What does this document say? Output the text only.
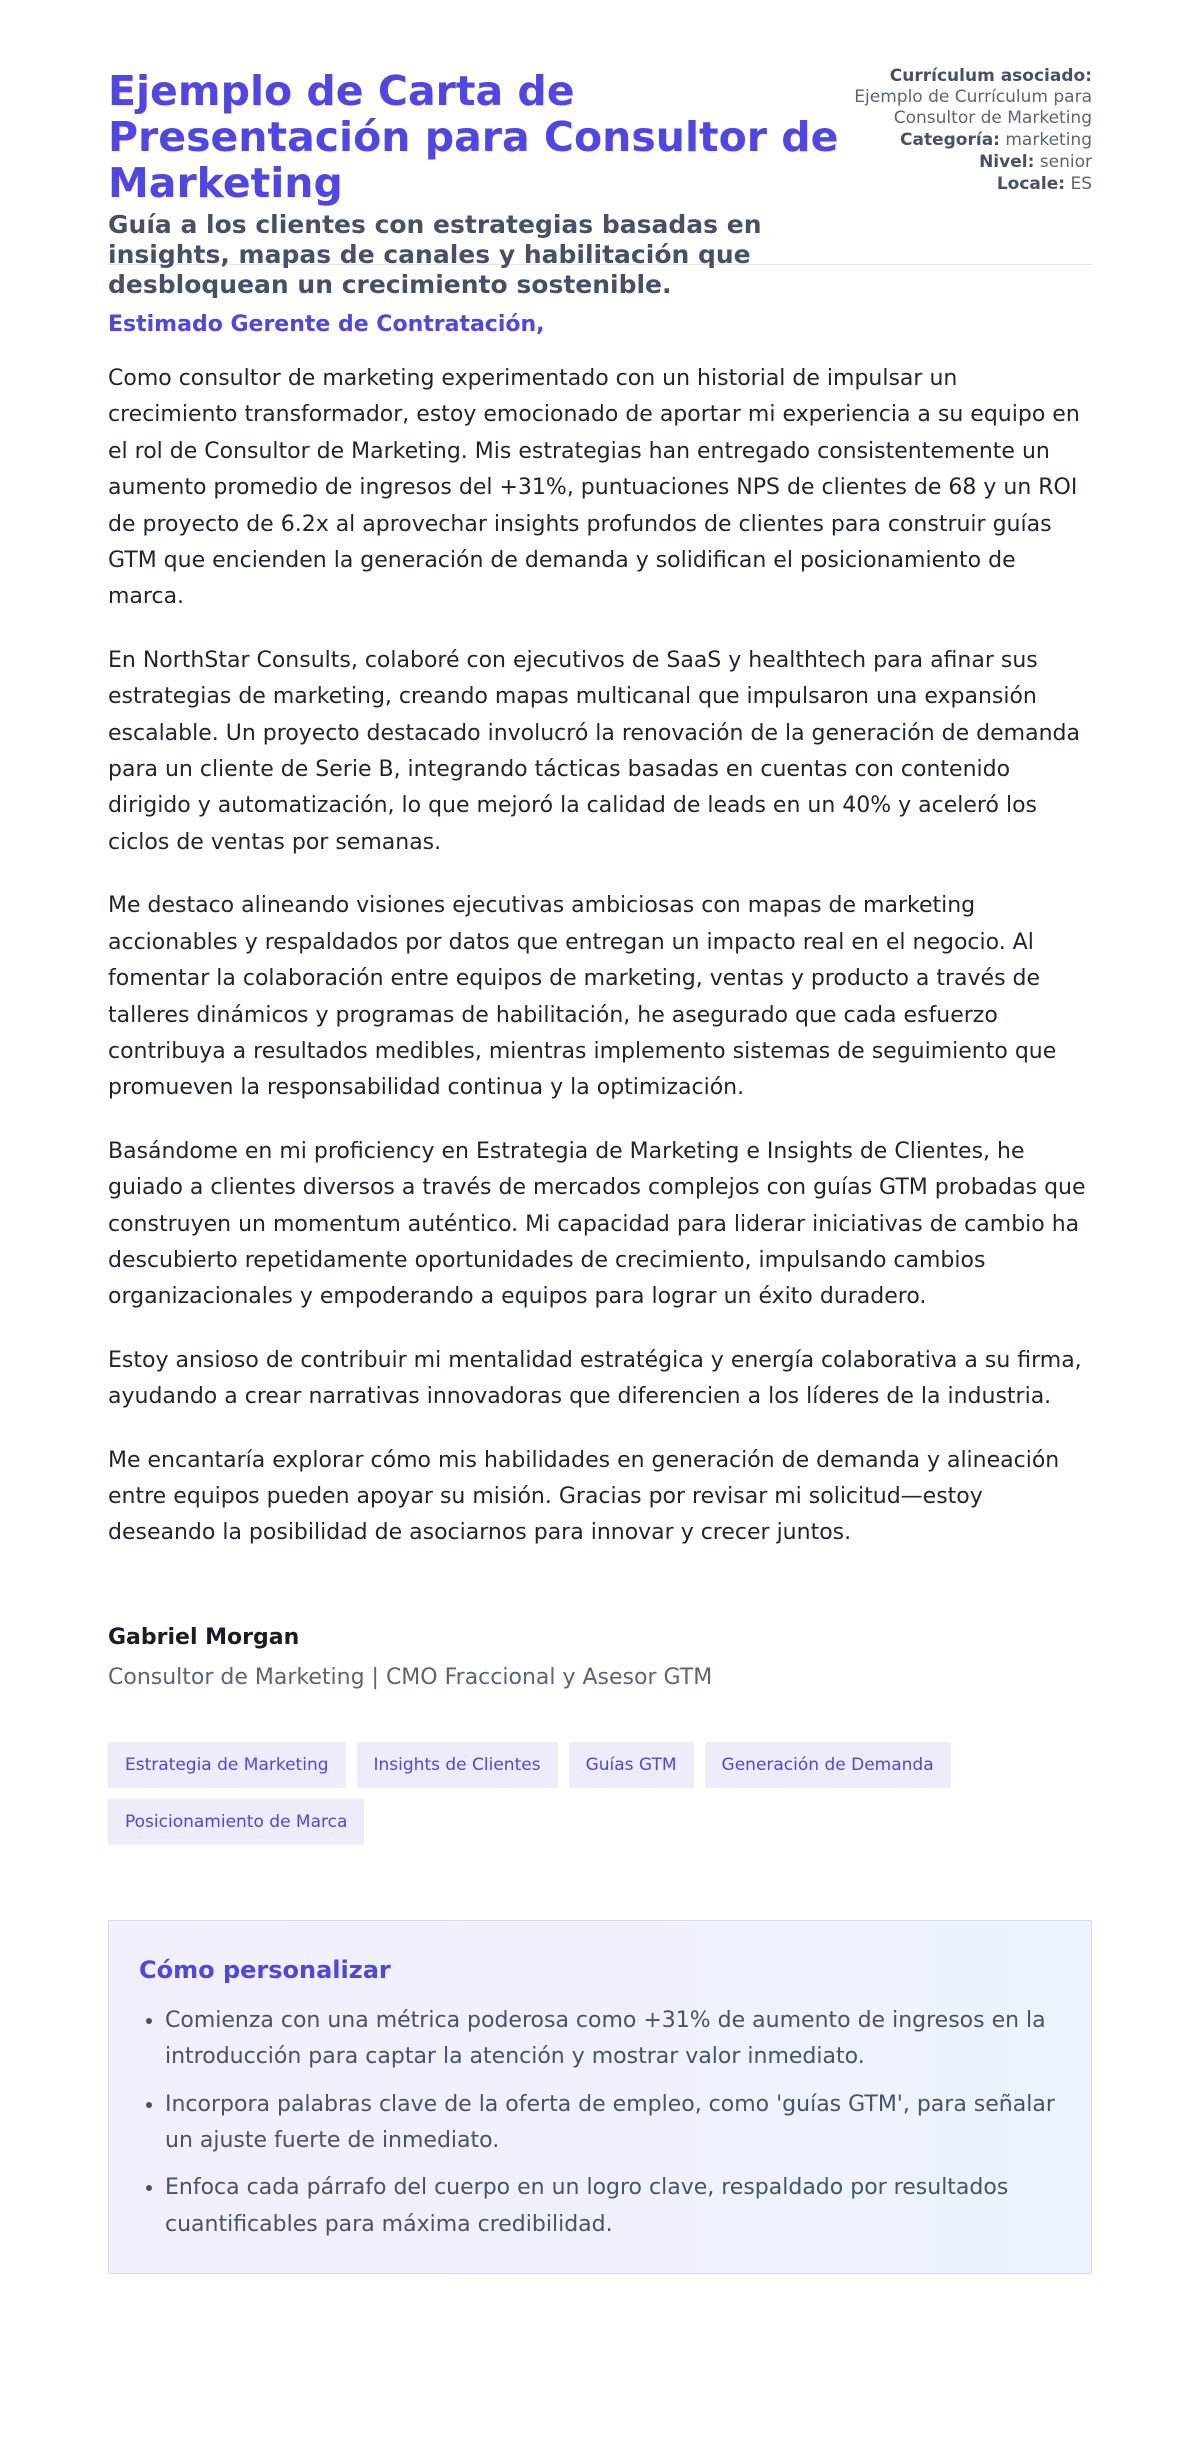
Ejemplo de Carta de Presentación para Consultor de Marketing

Guía a los clientes con estrategias basadas en insights, mapas de canales y habilitación que desbloquean un crecimiento sostenible.

Currículum asociado:
Ejemplo de Currículum para Consultor de Marketing

Categoría: marketing

Nivel: senior

Locale: ES

Estimado Gerente de Contratación,

Como consultor de marketing experimentado con un historial de impulsar un crecimiento transformador, estoy emocionado de aportar mi experiencia a su equipo en el rol de Consultor de Marketing. Mis estrategias han entregado consistentemente un aumento promedio de ingresos del +31%, puntuaciones NPS de clientes de 68 y un ROI de proyecto de 6.2x al aprovechar insights profundos de clientes para construir guías GTM que encienden la generación de demanda y solidifican el posicionamiento de marca.

En NorthStar Consults, colaboré con ejecutivos de SaaS y healthtech para afinar sus estrategias de marketing, creando mapas multicanal que impulsaron una expansión escalable. Un proyecto destacado involucró la renovación de la generación de demanda para un cliente de Serie B, integrando tácticas basadas en cuentas con contenido dirigido y automatización, lo que mejoró la calidad de leads en un 40% y aceleró los ciclos de ventas por semanas.

Me destaco alineando visiones ejecutivas ambiciosas con mapas de marketing accionables y respaldados por datos que entregan un impacto real en el negocio. Al fomentar la colaboración entre equipos de marketing, ventas y producto a través de talleres dinámicos y programas de habilitación, he asegurado que cada esfuerzo contribuya a resultados medibles, mientras implemento sistemas de seguimiento que promueven la responsabilidad continua y la optimización.

Basándome en mi proficiency en Estrategia de Marketing e Insights de Clientes, he guiado a clientes diversos a través de mercados complejos con guías GTM probadas que construyen un momentum auténtico. Mi capacidad para liderar iniciativas de cambio ha descubierto repetidamente oportunidades de crecimiento, impulsando cambios organizacionales y empoderando a equipos para lograr un éxito duradero.

Estoy ansioso de contribuir mi mentalidad estratégica y energía colaborativa a su firma, ayudando a crear narrativas innovadoras que diferencien a los líderes de la industria.

Me encantaría explorar cómo mis habilidades en generación de demanda y alineación entre equipos pueden apoyar su misión. Gracias por revisar mi solicitud—estoy deseando la posibilidad de asociarnos para innovar y crecer juntos.

Gabriel Morgan

Consultor de Marketing | CMO Fraccional y Asesor GTM

Estrategia de Marketing	Insights de Clientes	Guías GTM	Generación de Demanda
Posicionamiento de Marca
Cómo personalizar
• Comienza con una métrica poderosa como +31% de aumento de ingresos en la introducción para captar la atención y mostrar valor inmediato.
• Incorpora palabras clave de la oferta de empleo, como 'guías GTM', para señalar un ajuste fuerte de inmediato.
• Enfoca cada párrafo del cuerpo en un logro clave, respaldado por resultados cuantificables para máxima credibilidad.
